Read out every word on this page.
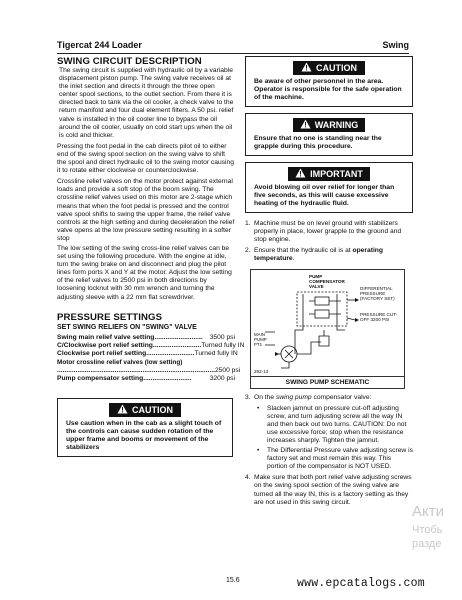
Tigercat 244 Loader	Swing

SWING CIRCUIT DESCRIPTION

The swing circuit is supplied with hydraulic oil by a variable displacement piston pump. The swing valve receives oil at the inlet section and directs it through the three open center spool sections, to the outlet section. From there it is directed back to tank via the oil cooler, a check valve to the return manifold and four dual element filters. A 50 psi. relief valve is installed in the oil cooler line to bypass the oil around the oil cooler, usually on cold start ups when the oil is cold and thicker.

Pressing the foot pedal in the cab directs pilot oil to either end of the swing spool section on the swing valve to shift the spool and direct hydraulic oil to the swing motor causing it to rotate either clockwise or counterclockwise.

Crossline relief valves on the motor protect against external loads and provide a soft stop of the boom swing. The crossline relief valves used on this motor are 2-stage which means that when the foot pedal is pressed and the control valve spool shifts to swing the upper frame, the relief valve controls at the high setting and during deceleration the relief valve opens at the low pressure setting resulting in a softer stop

The low setting of the swing cross-line relief valves can be set using the following procedure. With the engine at idle, turn the swing brake on and disconnect and plug the pilot lines form ports X and Y at the motor. Adjust the low setting of the relief valves to 2500 psi in both directions by loosening locknut with 30 mm wrench and turning the adjusting sleeve with a 22 mm flat screwdriver.

PRESSURE SETTINGS

SET SWING RELIEFS ON "SWING" VALVE

Swing main relief valve setting ..........................	3500 psi
C/Clockwise port relief setting .......................... Turned fully IN
Clockwise port relief setting .......................... Turned fully IN
Motor crossline relief valves (low setting)
..................................................................................... 2500 psi
Pump compensator setting ..........................	3200 psi
CAUTION
Use caution when in the cab as a slight touch of the controls can cause sudden rotation of the upper frame and booms or movement of the stabilizers
CAUTION
Be aware of other personnel in the area. Operator is responsible for the safe operation of the machine.
WARNING
Ensure that no one is standing near the grapple during this procedure.
IMPORTANT
Avoid blowing oil over relief for longer than five seconds, as this will cause excessive heating of the hydraulic fluid.
1. Machine must be on level ground with stabilizers properly in place, lower grapple to the ground and stop engine.
2. Ensure that the hydraulic oil is at operating temperature.
PUMP COMPENSATOR VALVE	DIFFERENTIAL PRESSURE (FACTORY SET)
PRESSURE CUT-OFF 3200 PSI
MAIN PUMP PT1
292-13
SWING PUMP SCHEMATIC
3. On the swing pump compensator valve:
•	Slacken jamnut on pressure cut-off adjusting screw, and turn adjusting screw all the way IN and then back out two turns. CAUTION: Do not use excessive force; stop when the resistance increases sharply. Tighten the jamnut.
•	The Differential Pressure valve adjusting screw is factory set and must remain this way. This portion of the compensator is NOT USED.
4. Make sure that both port relief valve adjusting screws on the swing spool section of the swing valve are turned all the way IN, this is a factory setting as they are not used in this swing circuit.
15.6	www.epcatalogs.com
Акти
Чтобь
разде
